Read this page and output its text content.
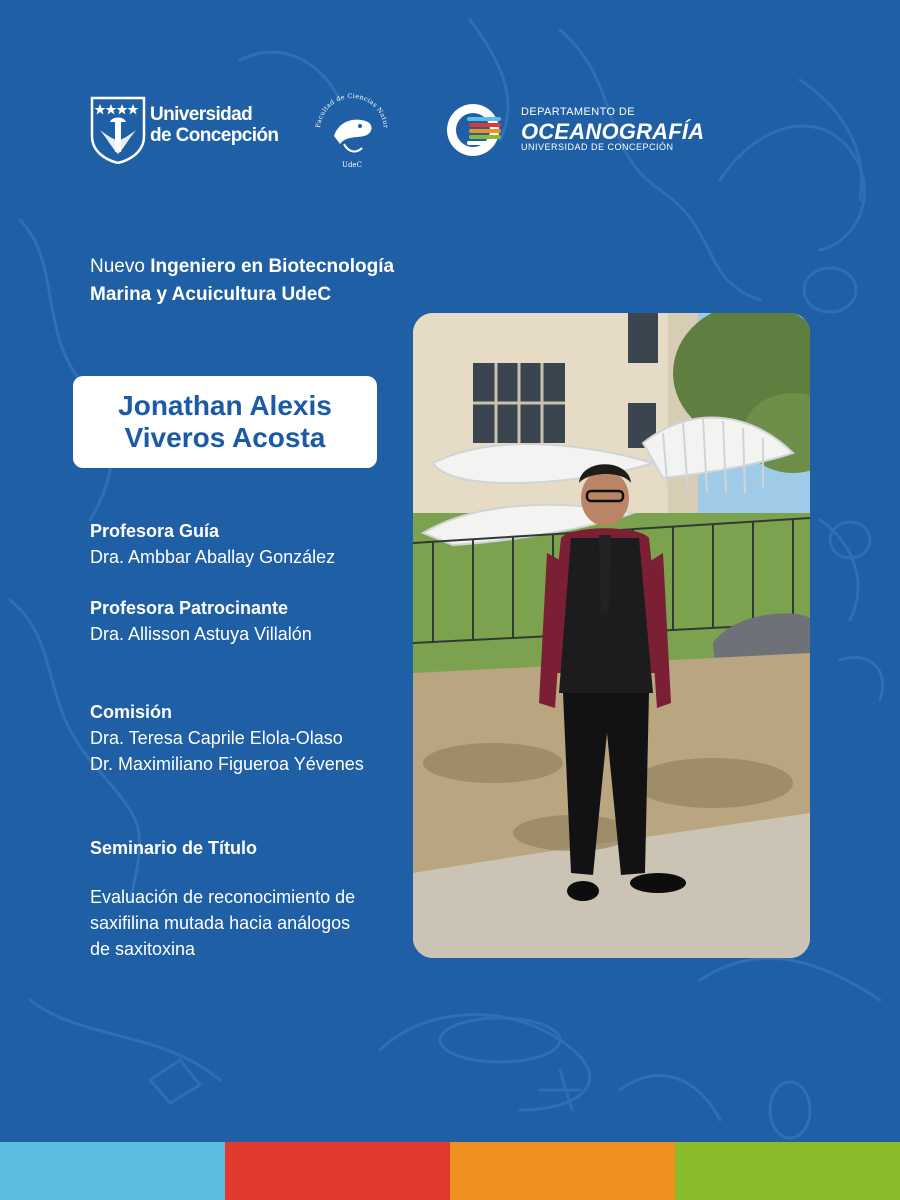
Universidad
de Concepción	Facultad de Ciencias Natur
UdeC
DEPARTAMENTO DE
OCEANOGRAFÍA
UNIVERSIDAD DE CONCEPCIÓN
Nuevo Ingeniero en Biotecnología
Marina y Acuicultura UdeC
Jonathan Alexis
Viveros Acosta
Profesora Guía
Dra. Ambbar Aballay González
Profesora Patrocinante
Dra. Allisson Astuya Villalón
Comisión
Dra. Teresa Caprile Elola-Olaso
Dr. Maximiliano Figueroa Yévenes
Seminario de Título
Evaluación de reconocimiento de
saxifilina mutada hacia análogos
de saxitoxina
